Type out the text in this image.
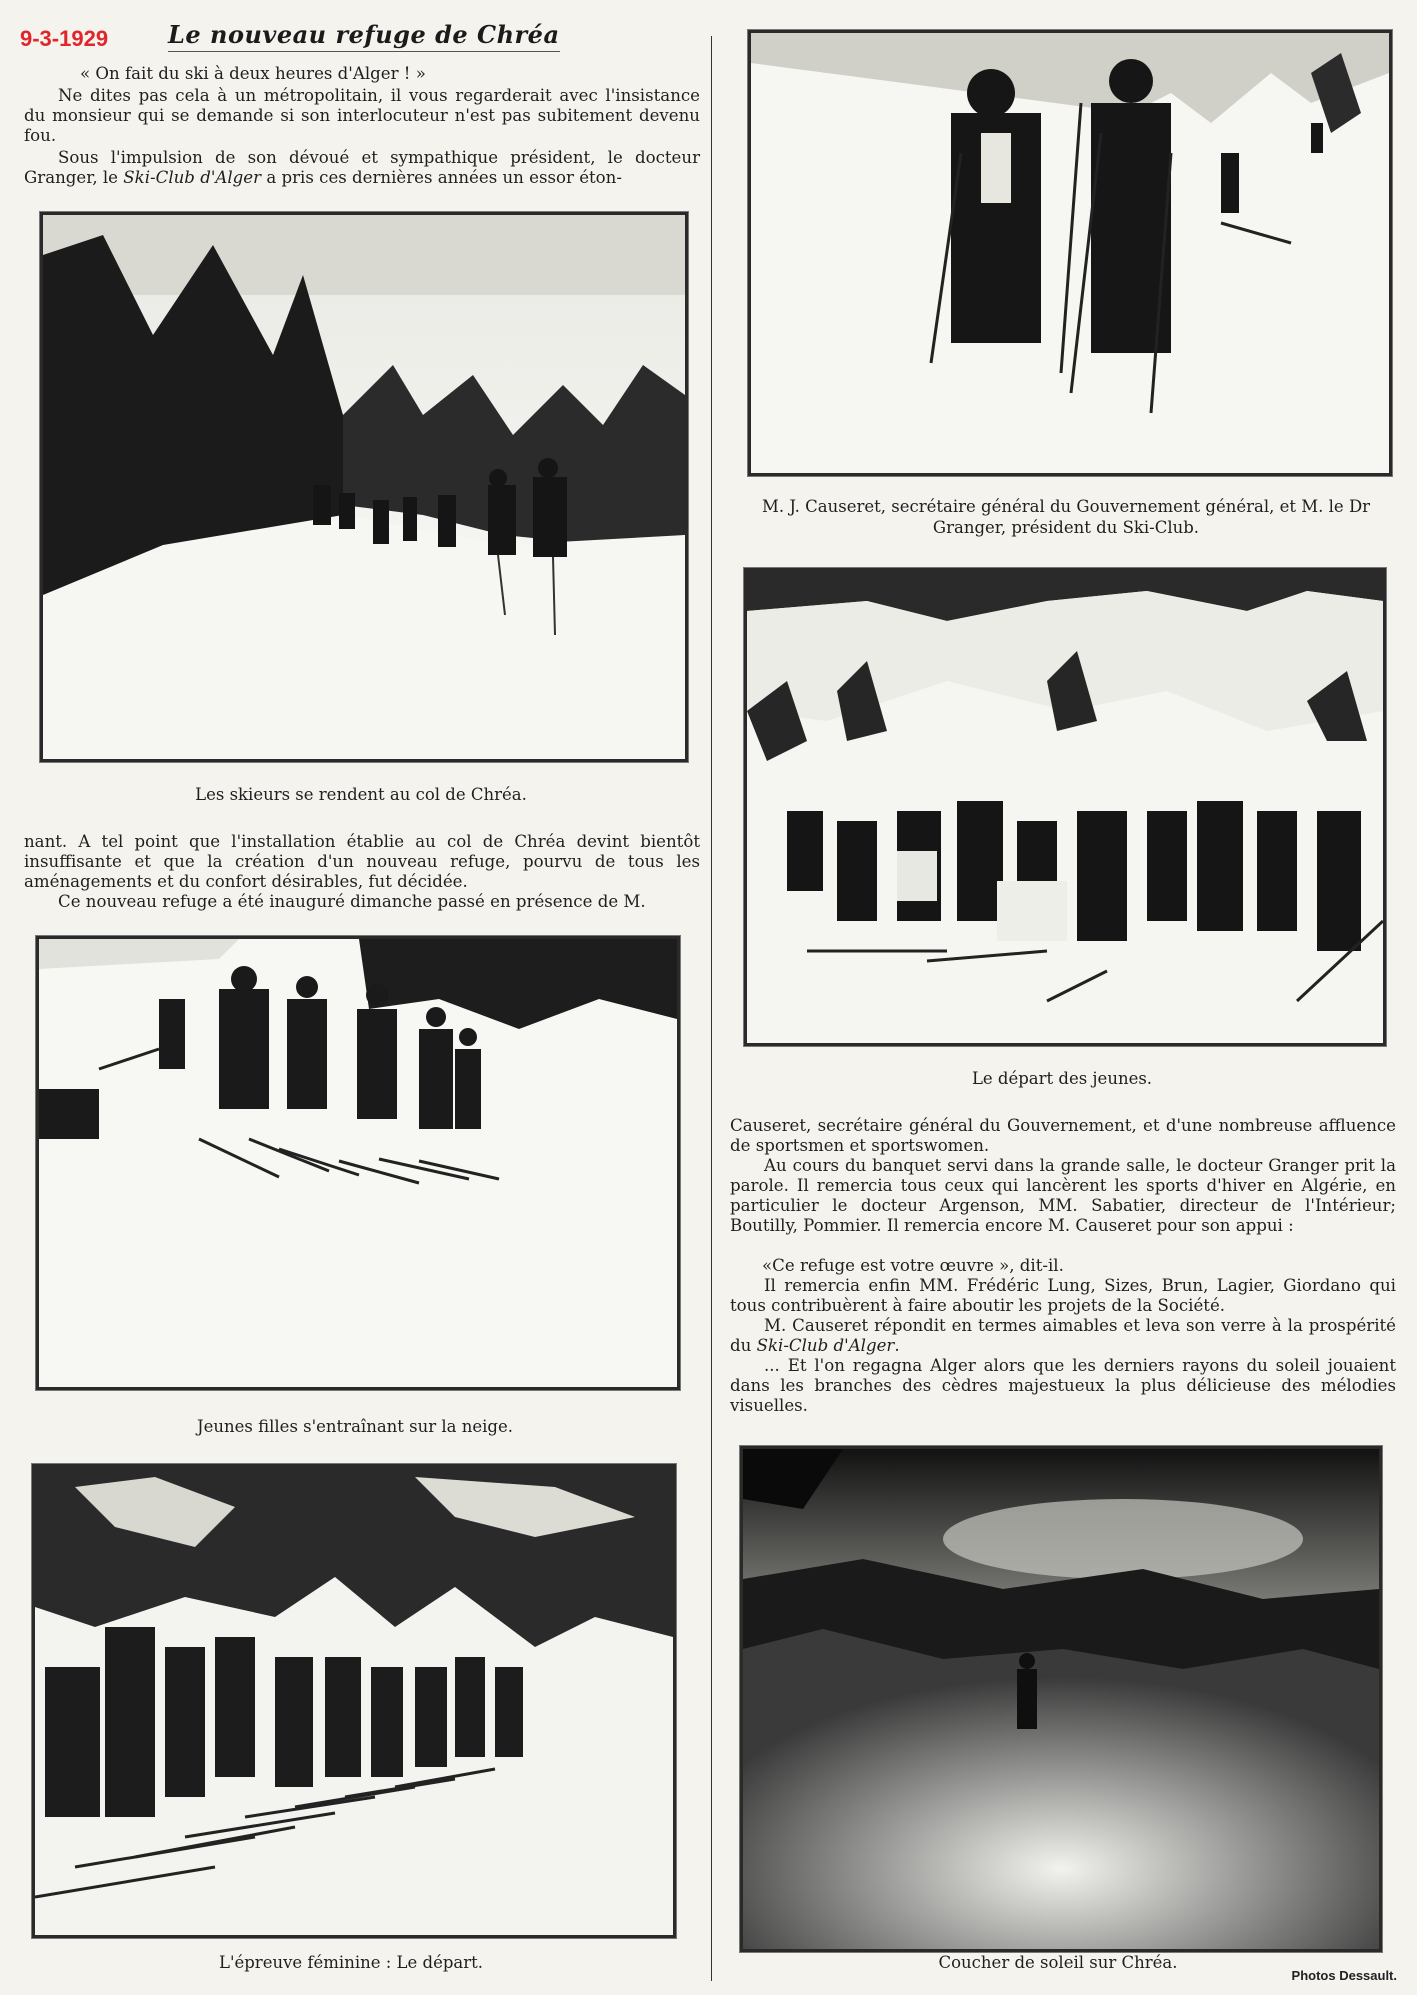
9-3-1929 Le nouveau refuge de Chréa

« On fait du ski à deux heures d'Alger ! »

Ne dites pas cela à un métropolitain, il vous regarderait avec l'insistance du monsieur qui se demande si son interlocuteur n'est pas subitement devenu fou.

Sous l'impulsion de son dévoué et sympathique président, le docteur Granger, le Ski-Club d'Alger a pris ces dernières années un essor éton-

Les skieurs se rendent au col de Chréa.

nant. A tel point que l'installation établie au col de Chréa devint bientôt insuffisante et que la création d'un nouveau refuge, pourvu de tous les aménagements et du confort désirables, fut décidée.

Ce nouveau refuge a été inauguré dimanche passé en présence de M.

Jeunes filles s'entraînant sur la neige.

L'épreuve féminine : Le départ.

M. J. Causeret, secrétaire général du Gouvernement général, et M. le Dr Granger, président du Ski-Club.

Le départ des jeunes.

Causeret, secrétaire général du Gouvernement, et d'une nombreuse affluence de sportsmen et sportswomen.

Au cours du banquet servi dans la grande salle, le docteur Granger prit la parole. Il remercia tous ceux qui lancèrent les sports d'hiver en Algérie, en particulier le docteur Argenson, MM. Sabatier, directeur de l'Intérieur; Boutilly, Pommier. Il remercia encore M. Causeret pour son appui :

«Ce refuge est votre œuvre », dit-il.

Il remercia enfin MM. Frédéric Lung, Sizes, Brun, Lagier, Giordano qui tous contribuèrent à faire aboutir les projets de la Société.

M. Causeret répondit en termes aimables et leva son verre à la prospérité du Ski-Club d'Alger.

... Et l'on regagna Alger alors que les derniers rayons du soleil jouaient dans les branches des cèdres majestueux la plus délicieuse des mélodies visuelles.

Coucher de soleil sur Chréa.

Photos Dessault.
